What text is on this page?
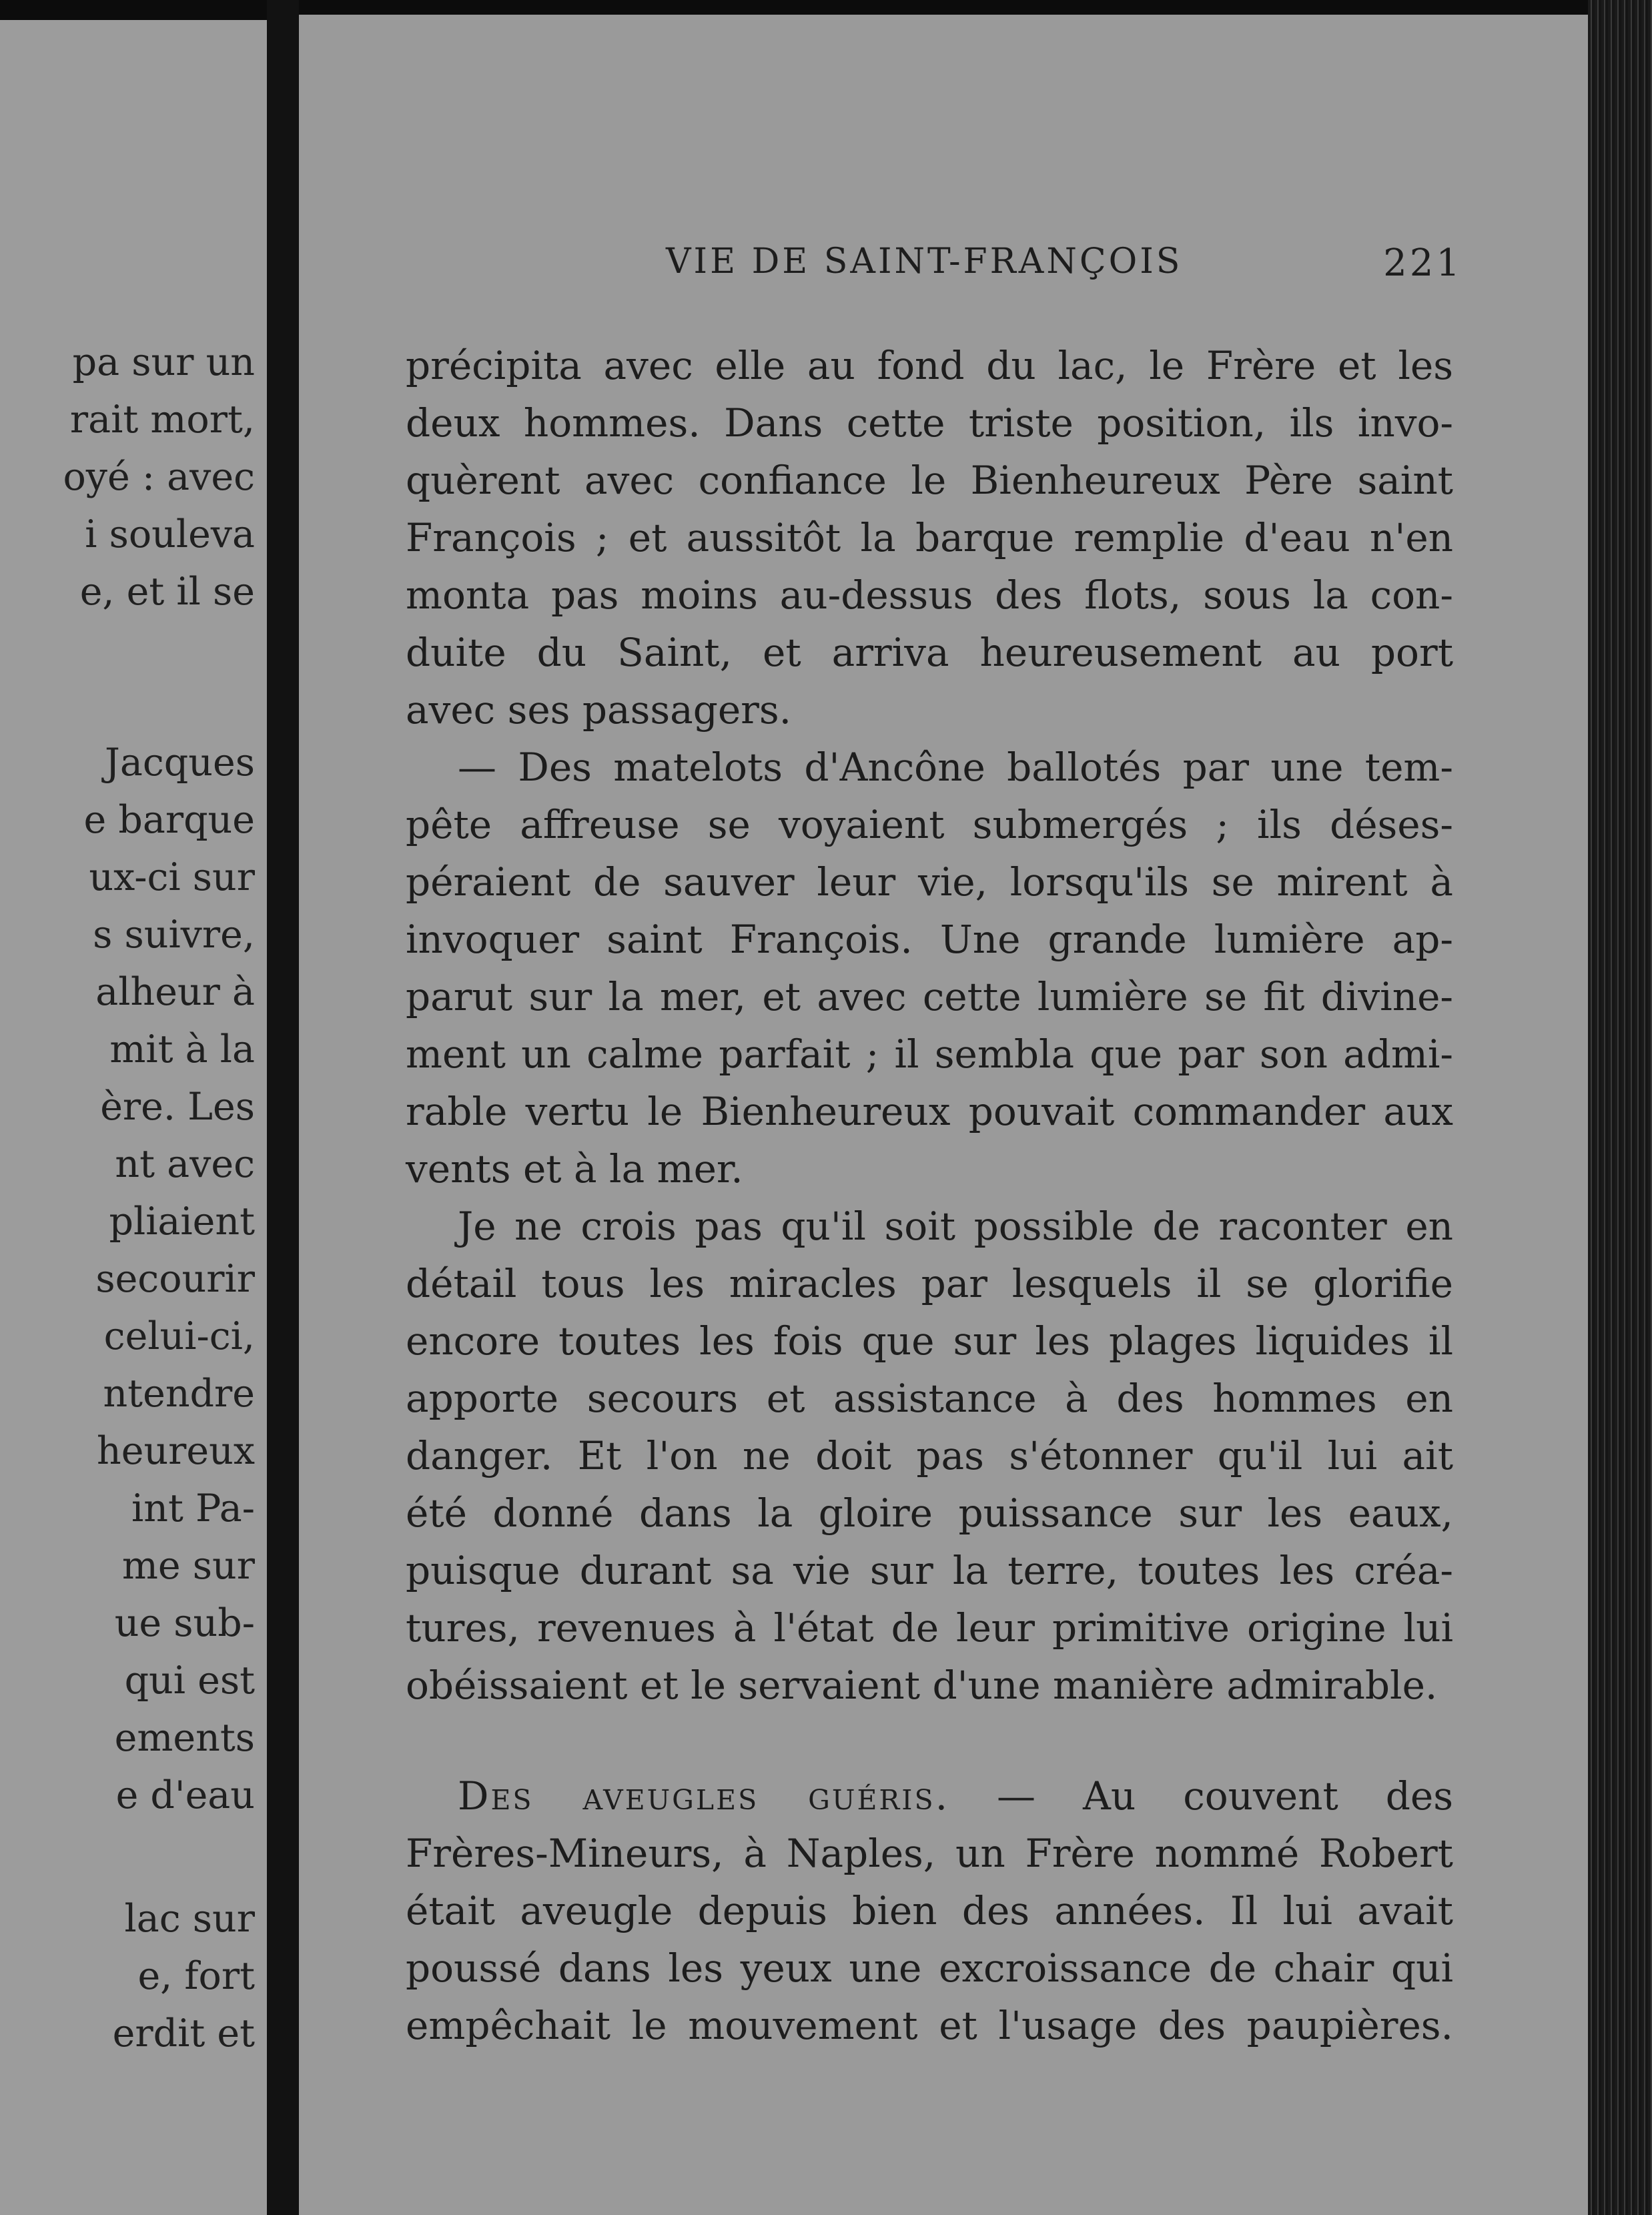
pa sur un
rait mort,
oyé : avec
i souleva
e, et il se
Jacques
e barque
ux-ci sur
s suivre,
alheur à
mit à la
ère. Les
nt avec
pliaient
secourir
celui-ci,
ntendre
heureux
int Pa-
me sur
ue sub-
qui est
ements
e d'eau
lac sur
e, fort
erdit et
VIE DE SAINT-FRANÇOIS	221
précipita avec elle au fond du lac, le Frère et les
deux hommes. Dans cette triste position, ils invo-
quèrent avec confiance le Bienheureux Père saint
François ; et aussitôt la barque remplie d'eau n'en
monta pas moins au-dessus des flots, sous la con-
duite du Saint, et arriva heureusement au port
avec ses passagers.
— Des matelots d'Ancône ballotés par une tem-
pête affreuse se voyaient submergés ; ils déses-
péraient de sauver leur vie, lorsqu'ils se mirent à
invoquer saint François. Une grande lumière ap-
parut sur la mer, et avec cette lumière se fit divine-
ment un calme parfait ; il sembla que par son admi-
rable vertu le Bienheureux pouvait commander aux
vents et à la mer.
Je ne crois pas qu'il soit possible de raconter en
détail tous les miracles par lesquels il se glorifie
encore toutes les fois que sur les plages liquides il
apporte secours et assistance à des hommes en
danger. Et l'on ne doit pas s'étonner qu'il lui ait
été donné dans la gloire puissance sur les eaux,
puisque durant sa vie sur la terre, toutes les créa-
tures, revenues à l'état de leur primitive origine lui
obéissaient et le servaient d'une manière admirable.
Des aveugles guéris. — Au couvent des
Frères-Mineurs, à Naples, un Frère nommé Robert
était aveugle depuis bien des années. Il lui avait
poussé dans les yeux une excroissance de chair qui
empêchait le mouvement et l'usage des paupières.
